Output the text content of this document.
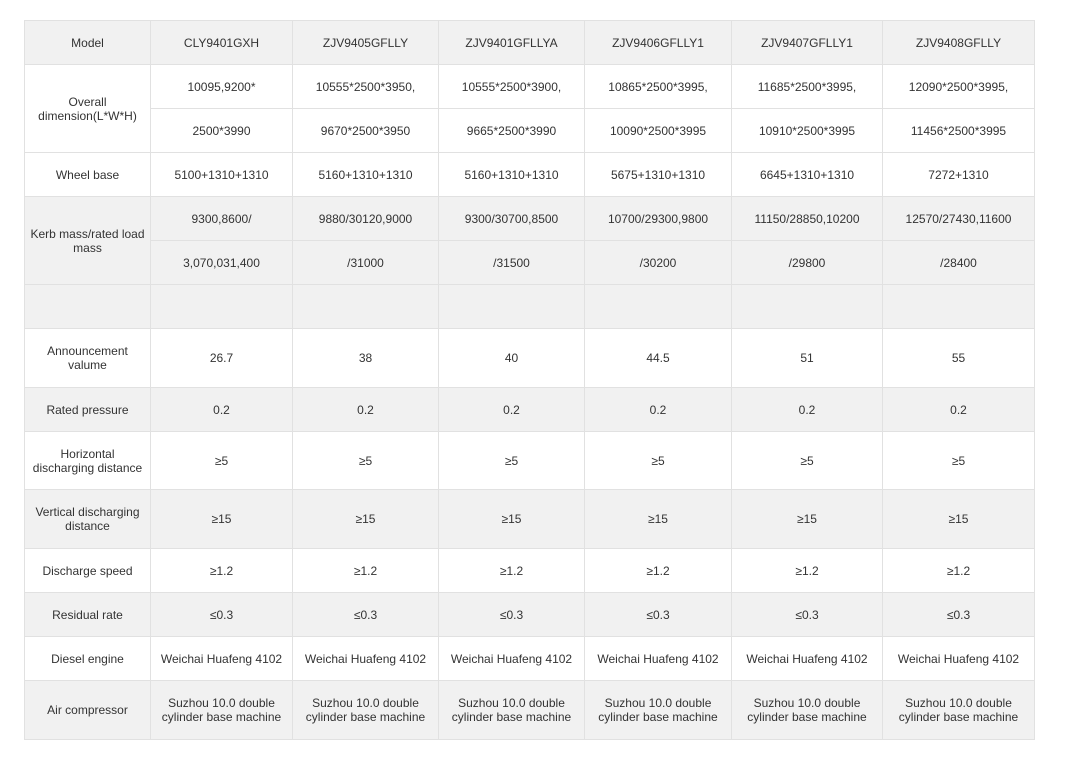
Model	CLY9401GXH	ZJV9405GFLLY	ZJV9401GFLLYA	ZJV9406GFLLY1	ZJV9407GFLLY1	ZJV9408GFLLY
Overall dimension(L*W*H)	10095,9200*	10555*2500*3950,	10555*2500*3900,	10865*2500*3995,	11685*2500*3995,	12090*2500*3995,
	2500*3990	9670*2500*3950	9665*2500*3990	10090*2500*3995	10910*2500*3995	11456*2500*3995
Wheel base	5100+1310+1310	5160+1310+1310	5160+1310+1310	5675+1310+1310	6645+1310+1310	7272+1310
Kerb mass/rated load mass	9300,8600/	9880/30120,9000	9300/30700,8500	10700/29300,9800	11150/28850,10200	12570/27430,11600
	3,070,031,400	/31000	/31500	/30200	/29800	/28400

Announcement valume	26.7	38	40	44.5	51	55
Rated pressure	0.2	0.2	0.2	0.2	0.2	0.2
Horizontal discharging distance	≥5	≥5	≥5	≥5	≥5	≥5
Vertical discharging distance	≥15	≥15	≥15	≥15	≥15	≥15
Discharge speed	≥1.2	≥1.2	≥1.2	≥1.2	≥1.2	≥1.2
Residual rate	≤0.3	≤0.3	≤0.3	≤0.3	≤0.3	≤0.3
Diesel engine	Weichai Huafeng 4102	Weichai Huafeng 4102	Weichai Huafeng 4102	Weichai Huafeng 4102	Weichai Huafeng 4102	Weichai Huafeng 4102
Air compressor	Suzhou 10.0 double cylinder base machine	Suzhou 10.0 double cylinder base machine	Suzhou 10.0 double cylinder base machine	Suzhou 10.0 double cylinder base machine	Suzhou 10.0 double cylinder base machine	Suzhou 10.0 double cylinder base machine
